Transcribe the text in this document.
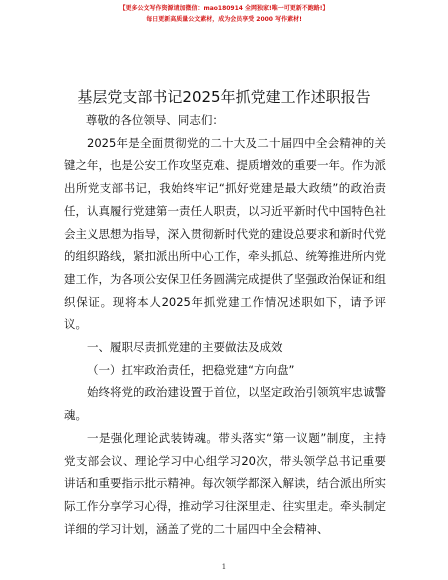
【更多公文写作资源请加微信：mao180914 全网独家!唯一可更新不跑路!】
每日更新高质量公文素材，成为会员享受 2000 写作素材!
基层党支部书记2025年抓党建工作述职报告

尊敬的各位领导、同志们：

2025年是全面贯彻党的二十大及二十届四中全会精神的关键之年，也是公安工作攻坚克难、提质增效的重要一年。作为派出所党支部书记，我始终牢记“抓好党建是最大政绩”的政治责任，认真履行党建第一责任人职责，以习近平新时代中国特色社会主义思想为指导，深入贯彻新时代党的建设总要求和新时代党的组织路线，紧扣派出所中心工作，牵头抓总、统筹推进所内党建工作，为各项公安保卫任务圆满完成提供了坚强政治保证和组织保证。现将本人2025年抓党建工作情况述职如下，请予评议。

一、履职尽责抓党建的主要做法及成效

（一）扛牢政治责任，把稳党建“方向盘”

始终将党的政治建设置于首位，以坚定政治引领筑牢忠诚警魂。

一是强化理论武装铸魂。带头落实“第一议题”制度，主持党支部会议、理论学习中心组学习20次，带头领学总书记重要讲话和重要指示批示精神。每次领学都深入解读，结合派出所实际工作分享学习心得，推动学习往深里走、往实里走。牵头制定详细的学习计划，涵盖了党的二十届四中全会精神、

1
